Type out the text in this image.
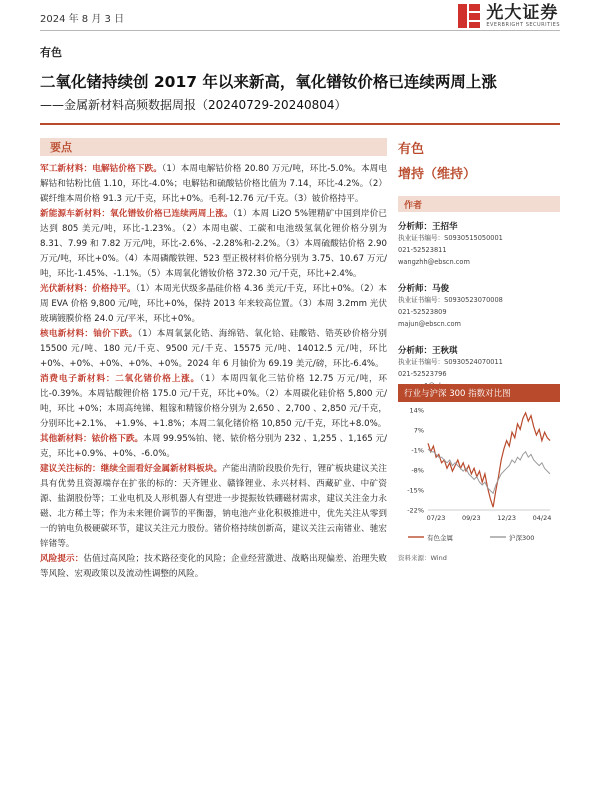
2024 年 8 月 3 日	光大证券
EVERBRIGHT SECURITIES
有色
二氧化锗持续创 2017 年以来新高，氧化镨钕价格已连续两周上涨
——金属新材料高频数据周报（20240729-20240804）
要点

军工新材料：电解钴价格下跌。（1）本周电解钴价格 20.80 万元/吨，环比-5.0%。本周电解钴和钴粉比值 1.10，环比-4.0%；电解钴和硫酸钴价格比值为 7.14，环比-4.2%。（2）碳纤维本周价格 91.3 元/千克，环比+0%。毛利-12.76 元/千克。（3）铍价格持平。

新能源车新材料：氧化镨钕价格已连续两周上涨。（1）本周 Li2O 5%锂精矿中国到岸价已达到 805 美元/吨，环比-1.23%。（2）本周电碳、工碳和电池级氢氧化锂价格分别为 8.31、7.99 和 7.82 万元/吨，环比-2.6%、-2.28%和-2.2%。（3）本周硫酸钴价格 2.90 万元/吨，环比+0%。（4）本周磷酸铁锂、523 型正极材料价格分别为 3.75、10.67 万元/吨，环比-1.45%、-1.1%。（5）本周氧化镨钕价格 372.30 元/千克，环比+2.4%。

光伏新材料：价格持平。（1）本周光伏级多晶硅价格 4.36 美元/千克，环比+0%。（2）本周 EVA 价格 9,800 元/吨，环比+0%，保持 2013 年来较高位置。（3）本周 3.2mm 光伏玻璃镀膜价格 24.0 元/平米，环比+0%。

核电新材料：铀价下跌。（1）本周氧氯化锆、海绵锆、氧化铪、硅酸锆、锆英砂价格分别 15500 元/吨、180 元/千克、9500 元/千克、15575 元/吨、14012.5 元/吨，环比+0%、+0%、+0%、+0%、+0%。2024 年 6 月铀价为 69.19 美元/磅，环比-6.4%。

消费电子新材料：二氧化锗价格上涨。（1）本周四氧化三钴价格 12.75 万元/吨，环比-0.39%。本周钴酸锂价格 175.0 元/千克，环比+0%。（2）本周碳化硅价格 5,800 元/吨，环比 +0%；本周高纯锑、粗镓和精镓价格分别为 2,650 、2,700 、2,850 元/千克，分别环比+2.1%、 +1.9%、+1.8%；本周二氧化锗价格 10,850 元/千克，环比+8.0%。

其他新材料：铱价格下跌。本周 99.95%铂、铑、铱价格分别为 232 、1,255 、1,165 元/克，环比+0.9%、+0%、-6.0%。

建议关注标的：继续全面看好金属新材料板块。产能出清阶段股价先行，锂矿板块建议关注具有优势且资源端存在扩张的标的：天齐锂业、赣锋锂业、永兴材料、西藏矿业、中矿资源、盐湖股份等；工业电机及人形机器人有望进一步提振钕铁硼磁材需求，建议关注金力永磁、北方稀土等；作为未来锂价调节的平衡器，钠电池产业化积极推进中，优先关注从零到一的钠电负极硬碳环节，建议关注元力股份。锗价格持续创新高，建议关注云南锗业、驰宏锌锗等。

风险提示：估值过高风险；技术路径变化的风险；企业经营激进、战略出现偏差、治理失败等风险、宏观政策以及流动性调整的风险。

有色
增持（维持）
作者
分析师：王招华
执业证书编号：S0930515050001
021-52523811
wangzhh@ebscn.com
分析师：马俊
执业证书编号：S0930523070008
021-52523809
majun@ebscn.com
分析师：王秋琪
执业证书编号：S0930524070011
021-52523796
行业与沪深 300 指数对比图
14%
7%
-1%
-8%
-15%
-22%
07/23	09/23	12/23	04/24
有色金属	沪深300
资料来源：Wind
